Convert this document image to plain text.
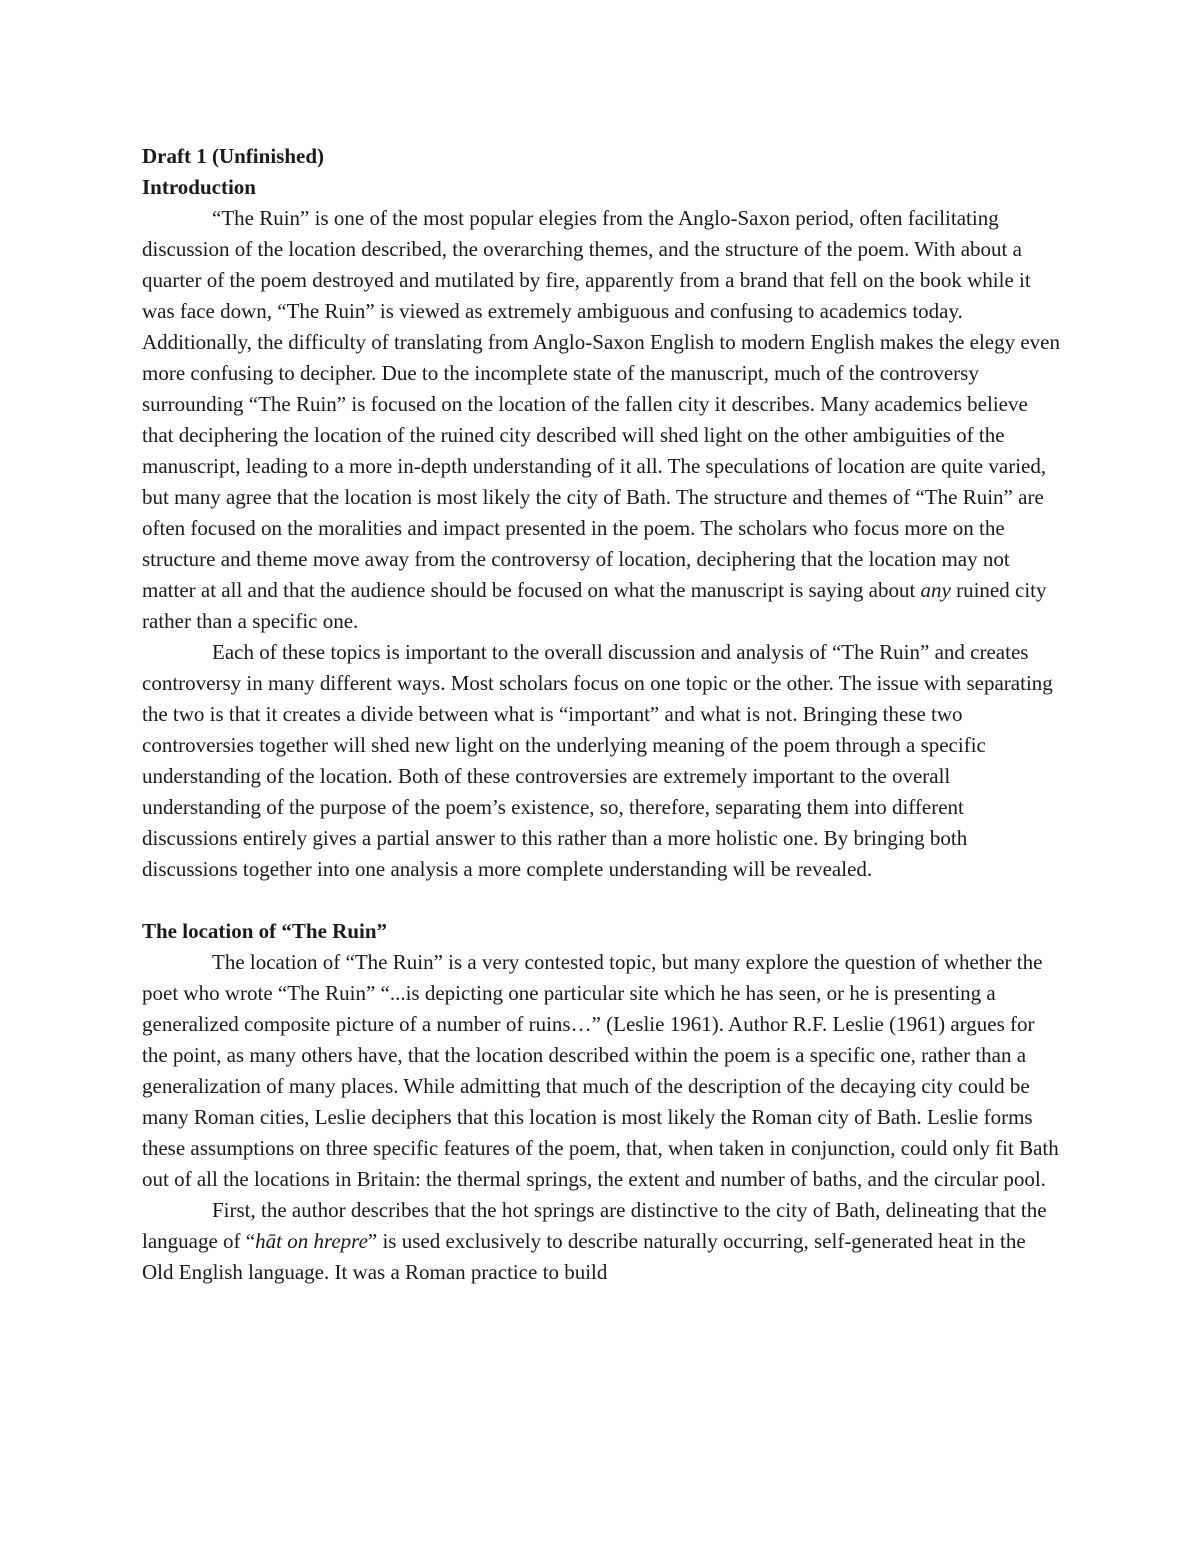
Draft 1 (Unfinished)

Introduction

“The Ruin” is one of the most popular elegies from the Anglo-Saxon period, often facilitating discussion of the location described, the overarching themes, and the structure of the poem. With about a quarter of the poem destroyed and mutilated by fire, apparently from a brand that fell on the book while it was face down, “The Ruin” is viewed as extremely ambiguous and confusing to academics today. Additionally, the difficulty of translating from Anglo-Saxon English to modern English makes the elegy even more confusing to decipher. Due to the incomplete state of the manuscript, much of the controversy surrounding “The Ruin” is focused on the location of the fallen city it describes. Many academics believe that deciphering the location of the ruined city described will shed light on the other ambiguities of the manuscript, leading to a more in-depth understanding of it all. The speculations of location are quite varied, but many agree that the location is most likely the city of Bath. The structure and themes of “The Ruin” are often focused on the moralities and impact presented in the poem. The scholars who focus more on the structure and theme move away from the controversy of location, deciphering that the location may not matter at all and that the audience should be focused on what the manuscript is saying about any ruined city rather than a specific one.

Each of these topics is important to the overall discussion and analysis of “The Ruin” and creates controversy in many different ways. Most scholars focus on one topic or the other. The issue with separating the two is that it creates a divide between what is “important” and what is not. Bringing these two controversies together will shed new light on the underlying meaning of the poem through a specific understanding of the location. Both of these controversies are extremely important to the overall understanding of the purpose of the poem’s existence, so, therefore, separating them into different discussions entirely gives a partial answer to this rather than a more holistic one. By bringing both discussions together into one analysis a more complete understanding will be revealed.

The location of “The Ruin”

The location of “The Ruin” is a very contested topic, but many explore the question of whether the poet who wrote “The Ruin” “...is depicting one particular site which he has seen, or he is presenting a generalized composite picture of a number of ruins…” (Leslie 1961). Author R.F. Leslie (1961) argues for the point, as many others have, that the location described within the poem is a specific one, rather than a generalization of many places. While admitting that much of the description of the decaying city could be many Roman cities, Leslie deciphers that this location is most likely the Roman city of Bath. Leslie forms these assumptions on three specific features of the poem, that, when taken in conjunction, could only fit Bath out of all the locations in Britain: the thermal springs, the extent and number of baths, and the circular pool.

First, the author describes that the hot springs are distinctive to the city of Bath, delineating that the language of “hāt on hrepre” is used exclusively to describe naturally occurring, self-generated heat in the Old English language. It was a Roman practice to build
